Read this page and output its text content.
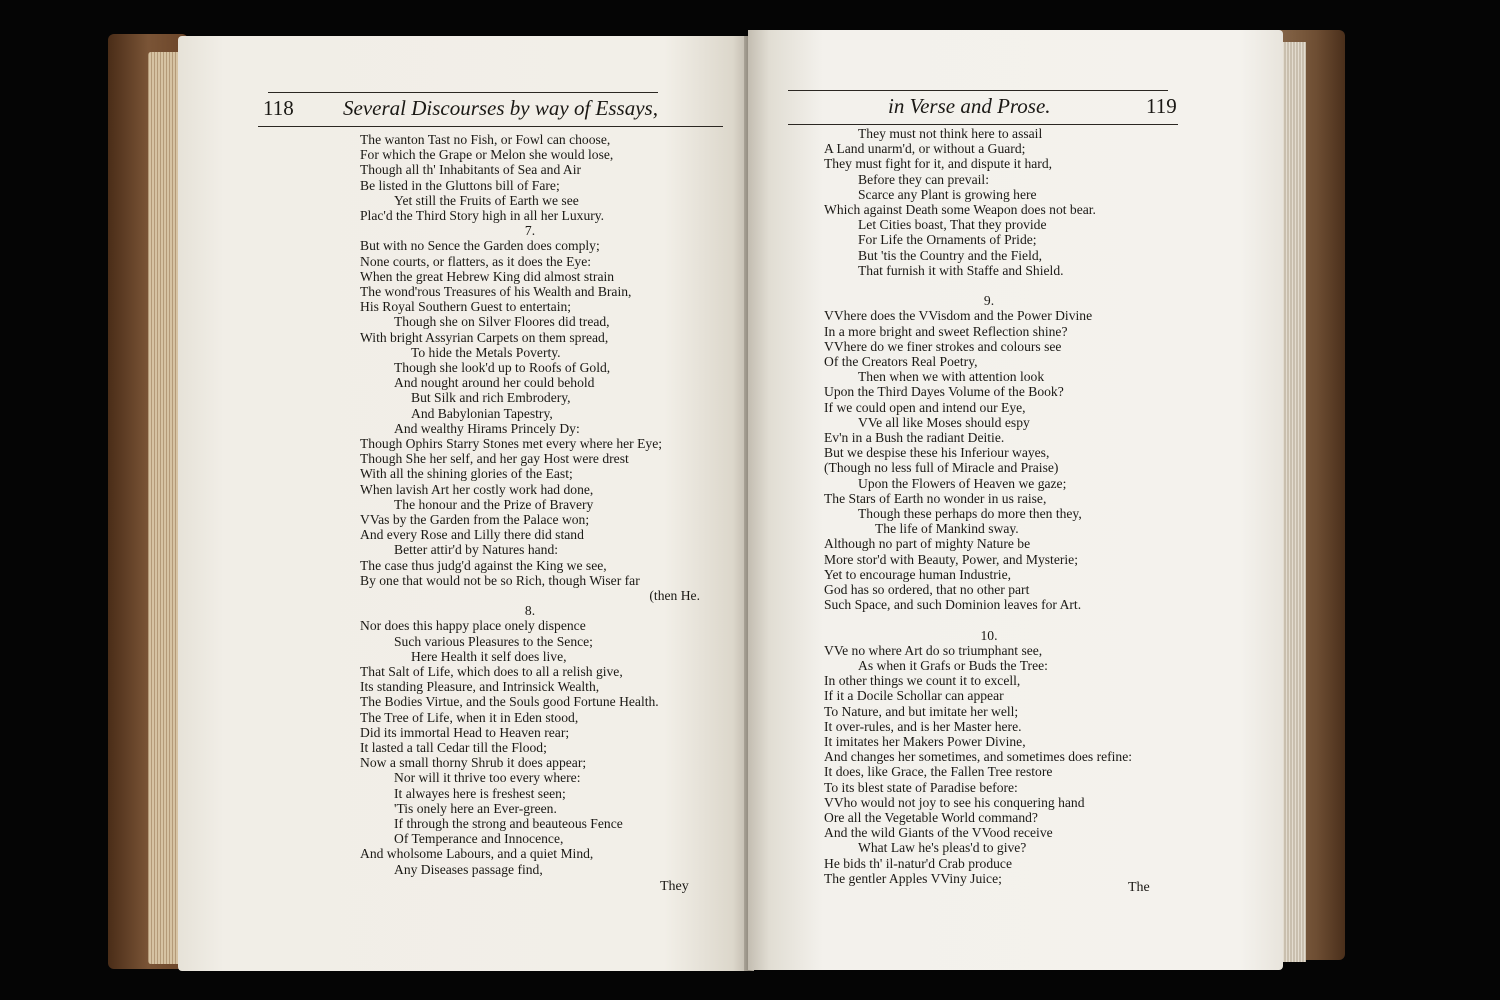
118 Several Discourses by way of Essays,
The wanton Tast no Fish, or Fowl can choose,
For which the Grape or Melon she would lose,
Though all th' Inhabitants of Sea and Air
Be listed in the Gluttons bill of Fare;
Yet still the Fruits of Earth we see
Plac'd the Third Story high in all her Luxury.
7.
But with no Sence the Garden does comply;
None courts, or flatters, as it does the Eye:
When the great Hebrew King did almost strain
The wond'rous Treasures of his Wealth and Brain,
His Royal Southern Guest to entertain;
Though she on Silver Floores did tread,
With bright Assyrian Carpets on them spread,
To hide the Metals Poverty.
Though she look'd up to Roofs of Gold,
And nought around her could behold
But Silk and rich Embrodery,
And Babylonian Tapestry,
And wealthy Hirams Princely Dy:
Though Ophirs Starry Stones met every where her Eye;
Though She her self, and her gay Host were drest
With all the shining glories of the East;
When lavish Art her costly work had done,
The honour and the Prize of Bravery
VVas by the Garden from the Palace won;
And every Rose and Lilly there did stand
Better attir'd by Natures hand:
The case thus judg'd against the King we see,
By one that would not be so Rich, though Wiser far
(then He.
8.
Nor does this happy place onely dispence
Such various Pleasures to the Sence;
Here Health it self does live,
That Salt of Life, which does to all a relish give,
Its standing Pleasure, and Intrinsick Wealth,
The Bodies Virtue, and the Souls good Fortune Health.
The Tree of Life, when it in Eden stood,
Did its immortal Head to Heaven rear;
It lasted a tall Cedar till the Flood;
Now a small thorny Shrub it does appear;
Nor will it thrive too every where:
It alwayes here is freshest seen;
'Tis onely here an Ever-green.
If through the strong and beauteous Fence
Of Temperance and Innocence,
And wholsome Labours, and a quiet Mind,
Any Diseases passage find,
They
in Verse and Prose.	119
They must not think here to assail
A Land unarm'd, or without a Guard;
They must fight for it, and dispute it hard,
Before they can prevail:
Scarce any Plant is growing here
Which against Death some Weapon does not bear.
Let Cities boast, That they provide
For Life the Ornaments of Pride;
But 'tis the Country and the Field,
That furnish it with Staffe and Shield.
9.
VVhere does the VVisdom and the Power Divine
In a more bright and sweet Reflection shine?
VVhere do we finer strokes and colours see
Of the Creators Real Poetry,
Then when we with attention look
Upon the Third Dayes Volume of the Book?
If we could open and intend our Eye,
VVe all like Moses should espy
Ev'n in a Bush the radiant Deitie.
But we despise these his Inferiour wayes,
(Though no less full of Miracle and Praise)
Upon the Flowers of Heaven we gaze;
The Stars of Earth no wonder in us raise,
Though these perhaps do more then they,
The life of Mankind sway.
Although no part of mighty Nature be
More stor'd with Beauty, Power, and Mysterie;
Yet to encourage human Industrie,
God has so ordered, that no other part
Such Space, and such Dominion leaves for Art.
10.
VVe no where Art do so triumphant see,
As when it Grafs or Buds the Tree:
In other things we count it to excell,
If it a Docile Schollar can appear
To Nature, and but imitate her well;
It over-rules, and is her Master here.
It imitates her Makers Power Divine,
And changes her sometimes, and sometimes does refine:
It does, like Grace, the Fallen Tree restore
To its blest state of Paradise before:
VVho would not joy to see his conquering hand
Ore all the Vegetable World command?
And the wild Giants of the VVood receive
What Law he's pleas'd to give?
He bids th' il-natur'd Crab produce
The gentler Apples VViny Juice;
The
